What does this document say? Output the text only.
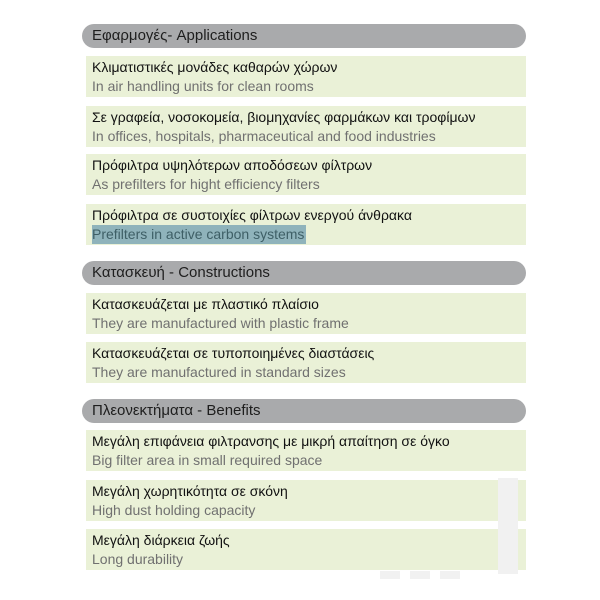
Εφαρμογές- Applications
Κλιματιστικές μονάδες καθαρών χώρων
In air handling units for clean rooms
Σε γραφεία, νοσοκομεία, βιομηχανίες φαρμάκων και τροφίμων
In offices, hospitals, pharmaceutical and food industries
Πρόφιλτρα υψηλότερων αποδόσεων φίλτρων
As prefilters for hight efficiency filters
Πρόφιλτρα σε συστοιχίες φίλτρων ενεργού άνθρακα
Prefilters in active carbon systems
Κατασκευή - Constructions
Κατασκευάζεται με πλαστικό πλαίσιο
They are manufactured with plastic frame
Κατασκευάζεται σε τυποποιημένες διαστάσεις
They are manufactured in standard sizes
Πλεονεκτήματα - Benefits
Μεγάλη επιφάνεια φιλτρανσης με μικρή απαίτηση σε όγκο
Big filter area in small required space
Μεγάλη χωρητικότητα σε σκόνη
High dust holding capacity
Μεγάλη διάρκεια ζωής
Long durability
